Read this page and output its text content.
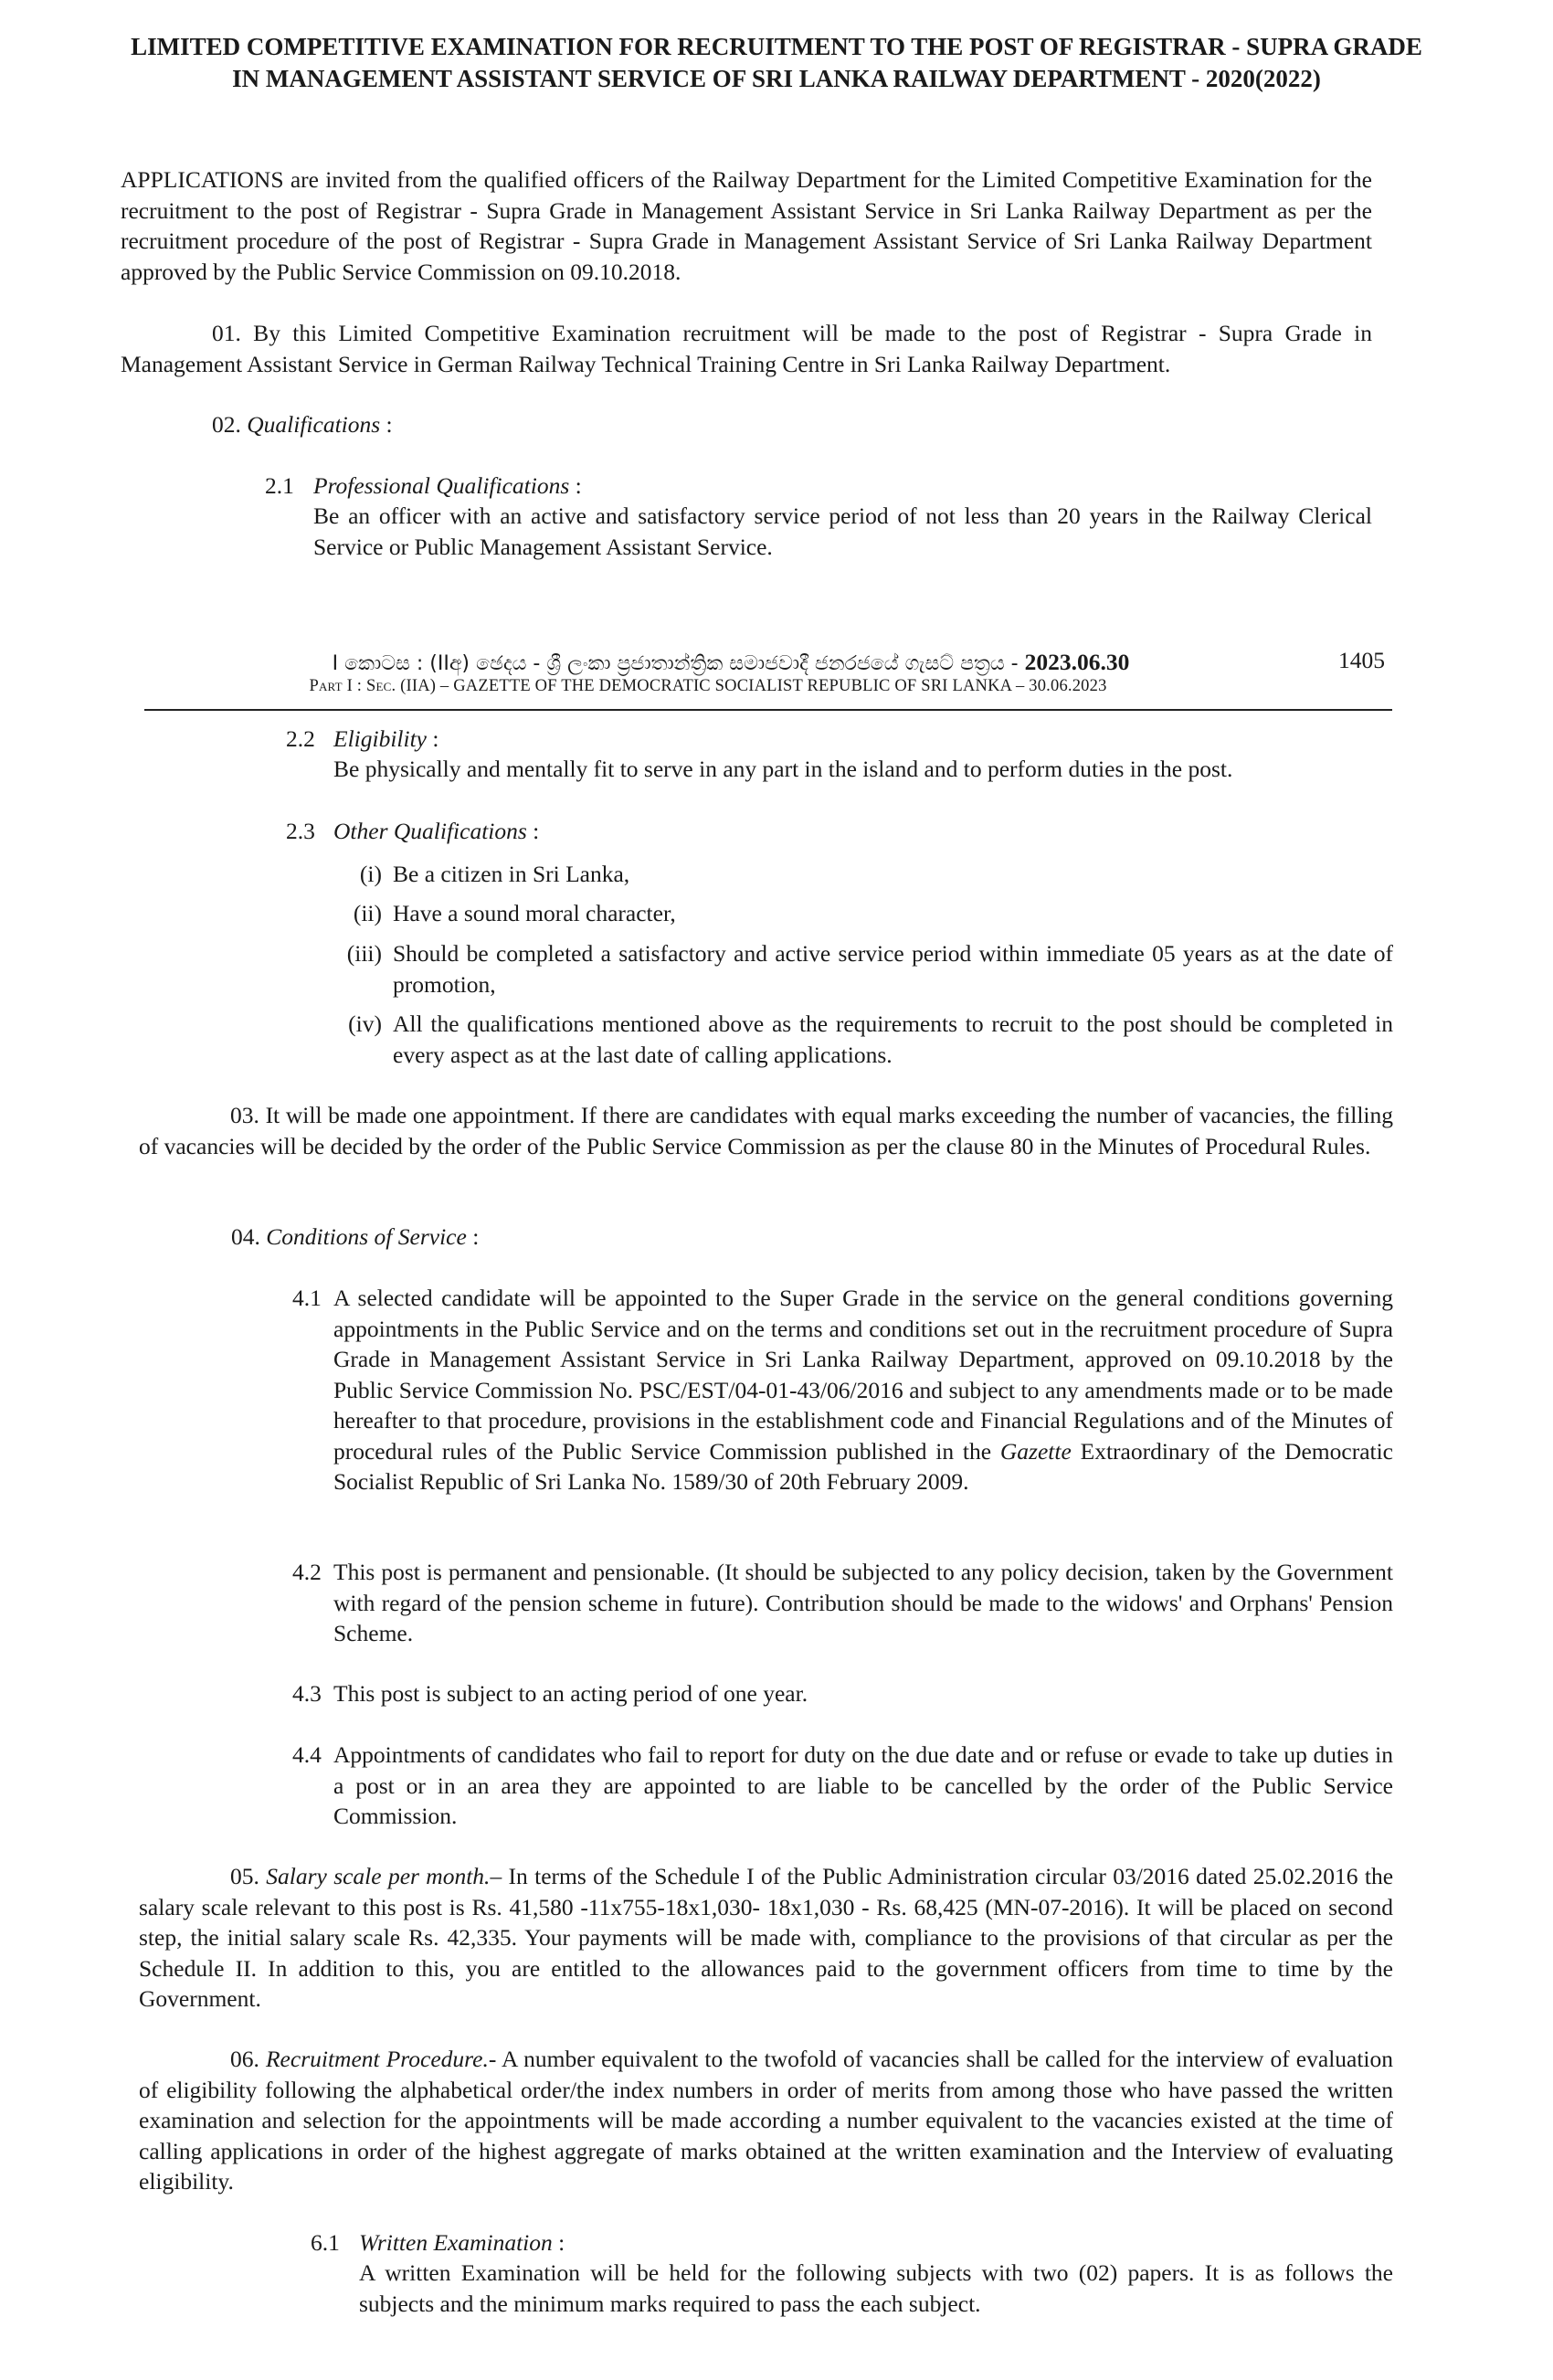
LIMITED COMPETITIVE EXAMINATION FOR RECRUITMENT TO THE POST OF REGISTRAR - SUPRA GRADE IN MANAGEMENT ASSISTANT SERVICE OF SRI LANKA RAILWAY DEPARTMENT - 2020(2022)
APPLICATIONS are invited from the qualified officers of the Railway Department for the Limited Competitive Examination for the recruitment to the post of Registrar - Supra Grade in Management Assistant Service in Sri Lanka Railway Department as per the recruitment procedure of the post of Registrar - Supra Grade in Management Assistant Service of Sri Lanka Railway Department approved by the Public Service Commission on 09.10.2018.
01. By this Limited Competitive Examination recruitment will be made to the post of Registrar - Supra Grade in Management Assistant Service in German Railway Technical Training Centre in Sri Lanka Railway Department.
02. Qualifications :
2.1 Professional Qualifications :
Be an officer with an active and satisfactory service period of not less than 20 years in the Railway Clerical Service or Public Management Assistant Service.
I කොටස : (IIඅ) ඡෙදය - ශ්‍රී ලංකා ප්‍රජාතාන්ත්‍රික සමාජවාදී ජනරජයේ ගැසට් පත්‍රය - 2023.06.30	1405
Part I : Sec. (IIA) – GAZETTE OF THE DEMOCRATIC SOCIALIST REPUBLIC OF SRI LANKA – 30.06.2023
2.2 Eligibility :
Be physically and mentally fit to serve in any part in the island and to perform duties in the post.
2.3 Other Qualifications :
(i) Be a citizen in Sri Lanka,
(ii) Have a sound moral character,
(iii) Should be completed a satisfactory and active service period within immediate 05 years as at the date of promotion,
(iv) All the qualifications mentioned above as the requirements to recruit to the post should be completed in every aspect as at the last date of calling applications.
03. It will be made one appointment. If there are candidates with equal marks exceeding the number of vacancies, the filling of vacancies will be decided by the order of the Public Service Commission as per the clause 80 in the Minutes of Procedural Rules.
04. Conditions of Service :
4.1 A selected candidate will be appointed to the Super Grade in the service on the general conditions governing appointments in the Public Service and on the terms and conditions set out in the recruitment procedure of Supra Grade in Management Assistant Service in Sri Lanka Railway Department, approved on 09.10.2018 by the Public Service Commission No. PSC/EST/04-01-43/06/2016 and subject to any amendments made or to be made hereafter to that procedure, provisions in the establishment code and Financial Regulations and of the Minutes of procedural rules of the Public Service Commission published in the Gazette Extraordinary of the Democratic Socialist Republic of Sri Lanka No. 1589/30 of 20th February 2009.
4.2 This post is permanent and pensionable. (It should be subjected to any policy decision, taken by the Government with regard of the pension scheme in future). Contribution should be made to the widows' and Orphans' Pension Scheme.
4.3 This post is subject to an acting period of one year.
4.4 Appointments of candidates who fail to report for duty on the due date and or refuse or evade to take up duties in a post or in an area they are appointed to are liable to be cancelled by the order of the Public Service Commission.
05. Salary scale per month.– In terms of the Schedule I of the Public Administration circular 03/2016 dated 25.02.2016 the salary scale relevant to this post is Rs. 41,580 -11x755-18x1,030- 18x1,030 - Rs. 68,425 (MN-07-2016). It will be placed on second step, the initial salary scale Rs. 42,335. Your payments will be made with, compliance to the provisions of that circular as per the Schedule II. In addition to this, you are entitled to the allowances paid to the government officers from time to time by the Government.
06. Recruitment Procedure.- A number equivalent to the twofold of vacancies shall be called for the interview of evaluation of eligibility following the alphabetical order/the index numbers in order of merits from among those who have passed the written examination and selection for the appointments will be made according a number equivalent to the vacancies existed at the time of calling applications in order of the highest aggregate of marks obtained at the written examination and the Interview of evaluating eligibility.
6.1 Written Examination :
A written Examination will be held for the following subjects with two (02) papers. It is as follows the subjects and the minimum marks required to pass the each subject.
